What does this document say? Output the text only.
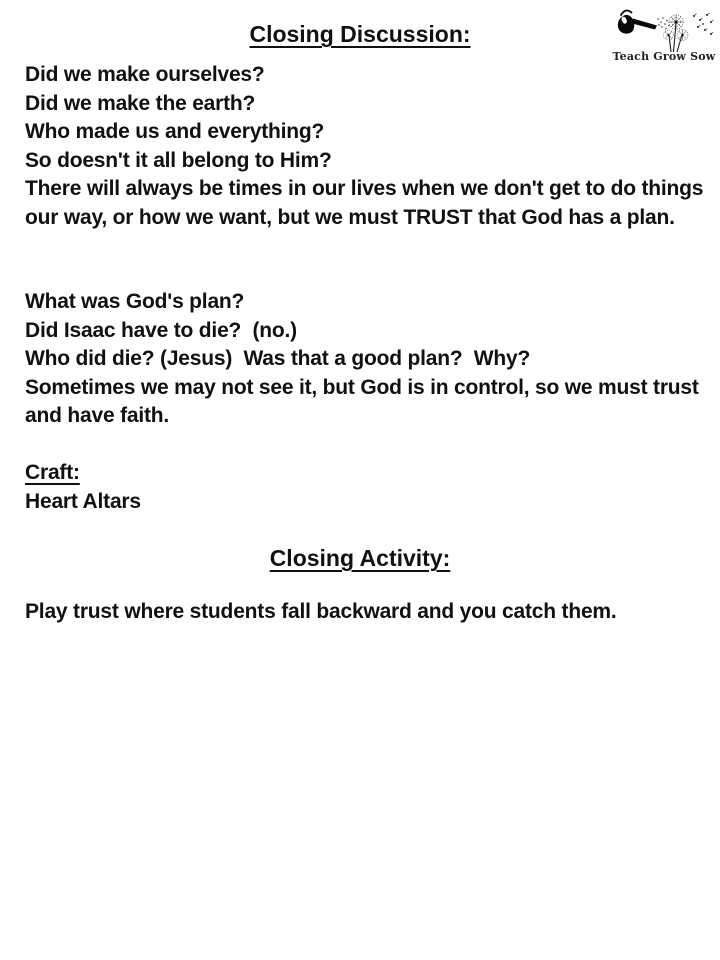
Closing Discussion:
Teach Grow Sow
Did we make ourselves?
Did we make the earth?
Who made us and everything?
So doesn't it all belong to Him?
There will always be times in our lives when we don't get to do things
our way, or how we want, but we must TRUST that God has a plan.
What was God's plan?
Did Isaac have to die?  (no.)
Who did die? (Jesus)  Was that a good plan?  Why?
Sometimes we may not see it, but God is in control, so we must trust
and have faith.
Craft:
Heart Altars
Closing Activity:
Play trust where students fall backward and you catch them.
